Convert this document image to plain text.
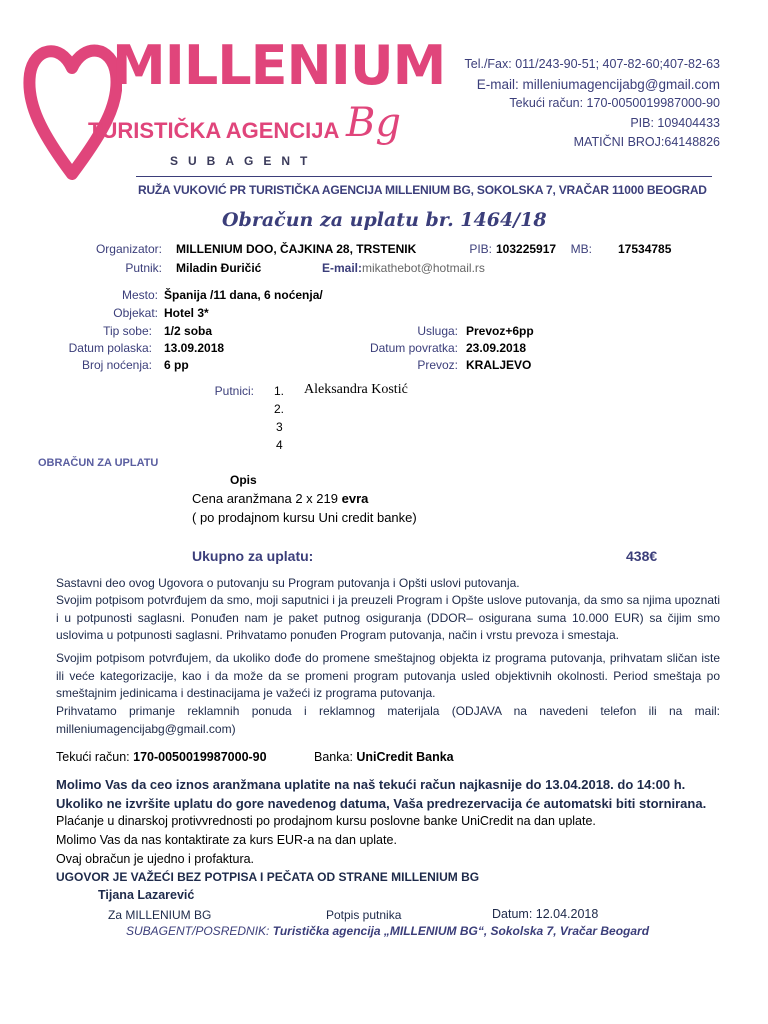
MILLENIUM
TURISTIČKA AGENCIJA Bg
SUBAGENT
Tel./Fax: 011/243-90-51; 407-82-60;407-82-63
E-mail: milleniumagencijabg@gmail.com
Tekući račun: 170-0050019987000-90
PIB: 109404433
MATIČNI BROJ:64148826
RUŽA VUKOVIĆ PR TURISTIČKA AGENCIJA MILLENIUM BG, SOKOLSKA 7, VRAČAR 11000 BEOGRAD
Obračun za uplatu br. 1464/18
Organizator: MILLENIUM DOO, ČAJKINA 28, TRSTENIK	PIB: 103225917	MB: 17534785
Putnik: Miladin Đuričić	E-mail: mikathebot@hotmail.rs
Mesto: Španija /11 dana, 6 noćenja/
Objekat: Hotel 3*
Tip sobe: 1/2 soba	Usluga: Prevoz+6pp
Datum polaska: 13.09.2018	Datum povratka: 23.09.2018
Broj noćenja: 6 pp	Prevoz: KRALJEVO
Putnici: 1. Aleksandra Kostić
2.
3
4
OBRAČUN ZA UPLATU
Opis
Cena aranžmana 2 x 219 evra
( po prodajnom kursu Uni credit banke)
Ukupno za uplatu:	438€
Sastavni deo ovog Ugovora o putovanju su Program putovanja i Opšti uslovi putovanja.
Svojim potpisom potvrđujem da smo, moji saputnici i ja preuzeli Program i Opšte uslove putovanja, da smo sa njima upoznati i u potpunosti saglasni. Ponuđen nam je paket putnog osiguranja (DDOR– osigurana suma 10.000 EUR) sa čijim smo uslovima u potpunosti saglasni. Prihvatamo ponuđen Program putovanja, način i vrstu prevoza i smestaja.
Svojim potpisom potvrđujem, da ukoliko dođe do promene smeštajnog objekta iz programa putovanja, prihvatam sličan iste ili veće kategorizacije, kao i da može da se promeni program putovanja usled objektivnih okolnosti. Period smeštaja po smeštajnim jedinicama i destinacijama je važeći iz programa putovanja.
Prihvatamo primanje reklamnih ponuda i reklamnog materijala (ODJAVA na navedeni telefon ili na mail: milleniumagencijabg@gmail.com)
Tekući račun: 170-0050019987000-90	Banka: UniCredit Banka
Molimo Vas da ceo iznos aranžmana uplatite na naš tekući račun najkasnije do 13.04.2018. do 14:00 h. Ukoliko ne izvršite uplatu do gore navedenog datuma, Vaša predrezervacija će automatski biti stornirana.
Plaćanje u dinarskoj protivvrednosti po prodajnom kursu poslovne banke UniCredit na dan uplate.
Molimo Vas da nas kontaktirate za kurs EUR-a na dan uplate.
Ovaj obračun je ujedno i profaktura.
UGOVOR JE VAŽEĆI BEZ POTPISA I PEČATA OD STRANE MILLENIUM BG
Tijana Lazarević
Za MILLENIUM BG	Potpis putnika	Datum: 12.04.2018
SUBAGENT/POSREDNIK: Turistička agencija „MILLENIUM BG“, Sokolska 7, Vračar Beogard
